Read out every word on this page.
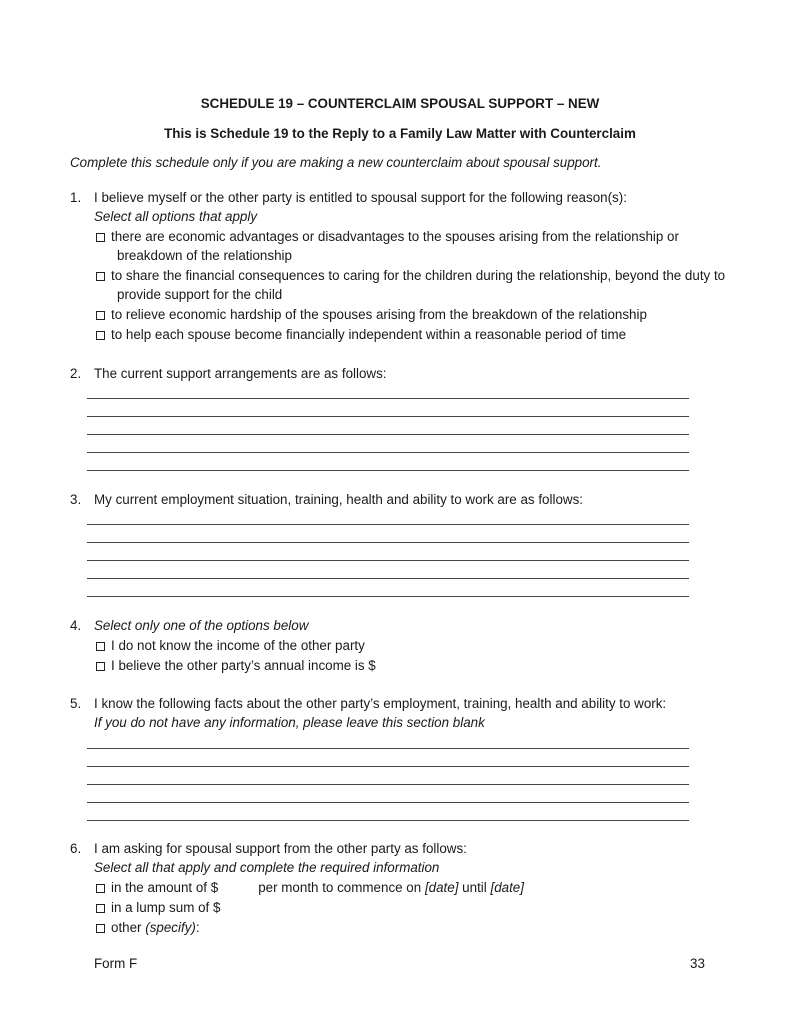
SCHEDULE 19 – COUNTERCLAIM SPOUSAL SUPPORT – NEW
This is Schedule 19 to the Reply to a Family Law Matter with Counterclaim
Complete this schedule only if you are making a new counterclaim about spousal support.
1. I believe myself or the other party is entitled to spousal support for the following reason(s):
Select all options that apply
there are economic advantages or disadvantages to the spouses arising from the relationship or
breakdown of the relationship
to share the financial consequences to caring for the children during the relationship, beyond the duty to
provide support for the child
to relieve economic hardship of the spouses arising from the breakdown of the relationship
to help each spouse become financially independent within a reasonable period of time
2. The current support arrangements are as follows:
3. My current employment situation, training, health and ability to work are as follows:
4. Select only one of the options below
I do not know the income of the other party
I believe the other party’s annual income is $
5. I know the following facts about the other party’s employment, training, health and ability to work:
If you do not have any information, please leave this section blank
6. I am asking for spousal support from the other party as follows:
Select all that apply and complete the required information
in the amount of $	per month to commence on [date] until [date]
in a lump sum of $
other (specify):
Form F	33
